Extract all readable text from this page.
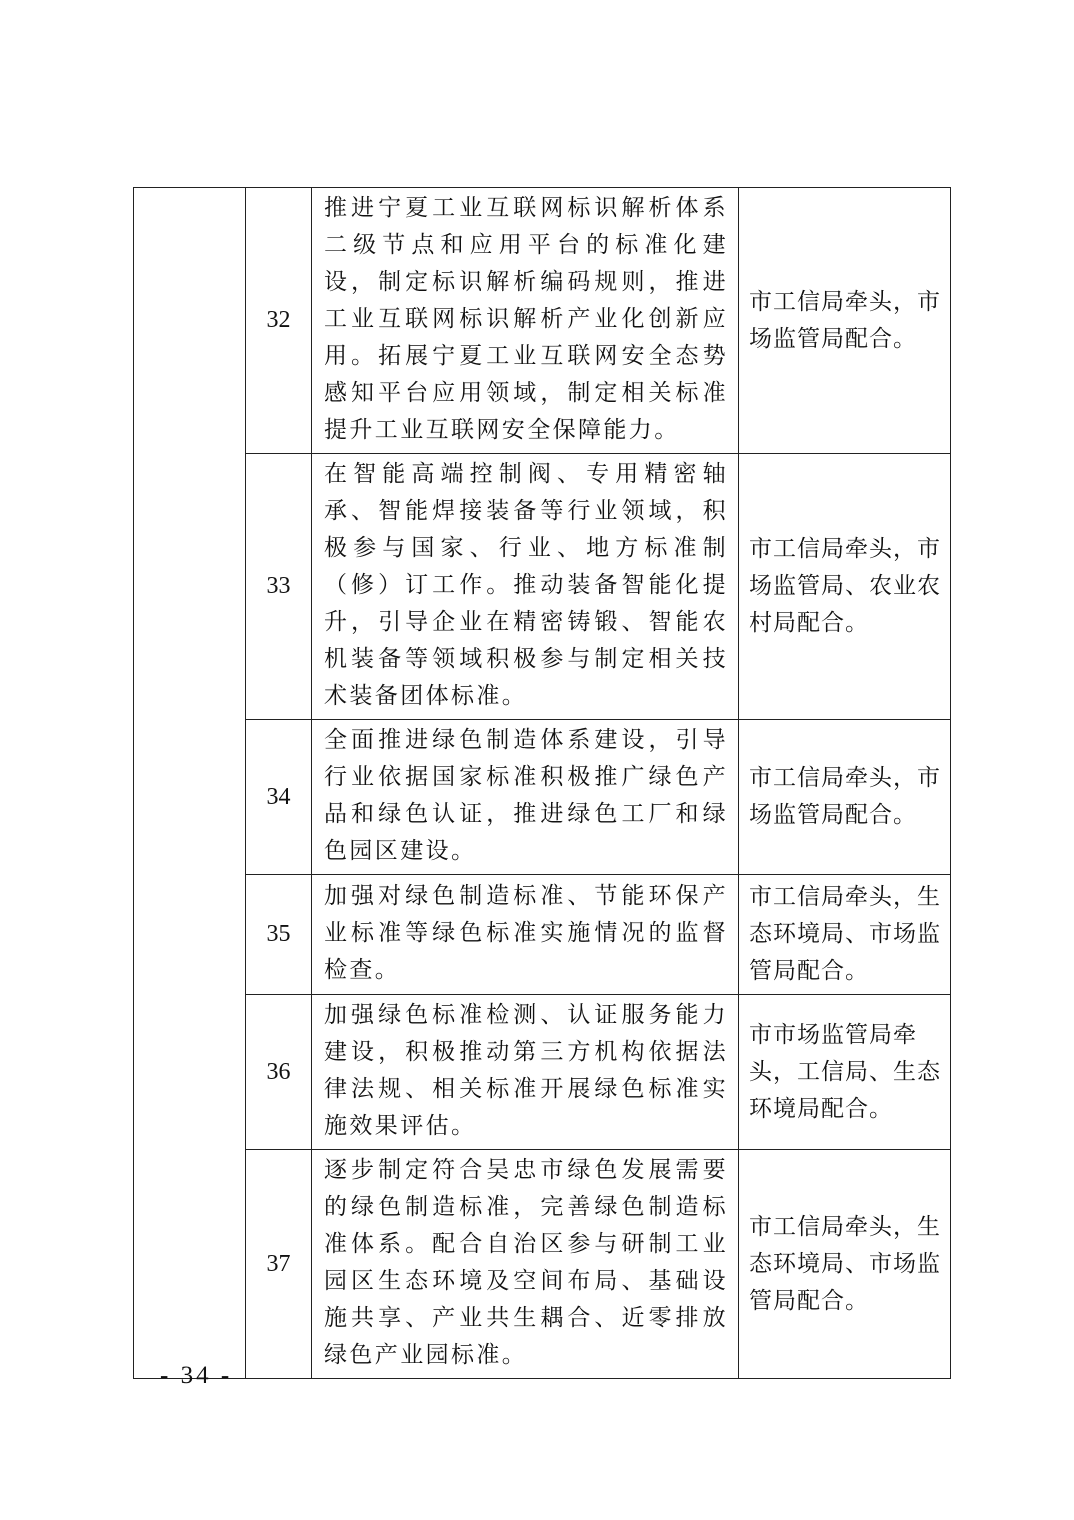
	32	推进宁夏工业互联网标识解析体系二级节点和应用平台的标准化建设，制定标识解析编码规则，推进工业互联网标识解析产业化创新应用。拓展宁夏工业互联网安全态势感知平台应用领域，制定相关标准提升工业互联网安全保障能力。	市工信局牵头，市场监管局配合。
	33	在智能高端控制阀、专用精密轴承、智能焊接装备等行业领域，积极参与国家、行业、地方标准制（修）订工作。推动装备智能化提升，引导企业在精密铸锻、智能农机装备等领域积极参与制定相关技术装备团体标准。	市工信局牵头，市场监管局、农业农村局配合。
	34	全面推进绿色制造体系建设，引导行业依据国家标准积极推广绿色产品和绿色认证，推进绿色工厂和绿色园区建设。	市工信局牵头，市场监管局配合。
	35	加强对绿色制造标准、节能环保产业标准等绿色标准实施情况的监督检查。	市工信局牵头，生态环境局、市场监管局配合。
	36	加强绿色标准检测、认证服务能力建设，积极推动第三方机构依据法律法规、相关标准开展绿色标准实施效果评估。	市市场监管局牵头，工信局、生态环境局配合。
	37	逐步制定符合吴忠市绿色发展需要的绿色制造标准，完善绿色制造标准体系。配合自治区参与研制工业园区生态环境及空间布局、基础设施共享、产业共生耦合、近零排放绿色产业园标准。	市工信局牵头，生态环境局、市场监管局配合。
- 34 -
